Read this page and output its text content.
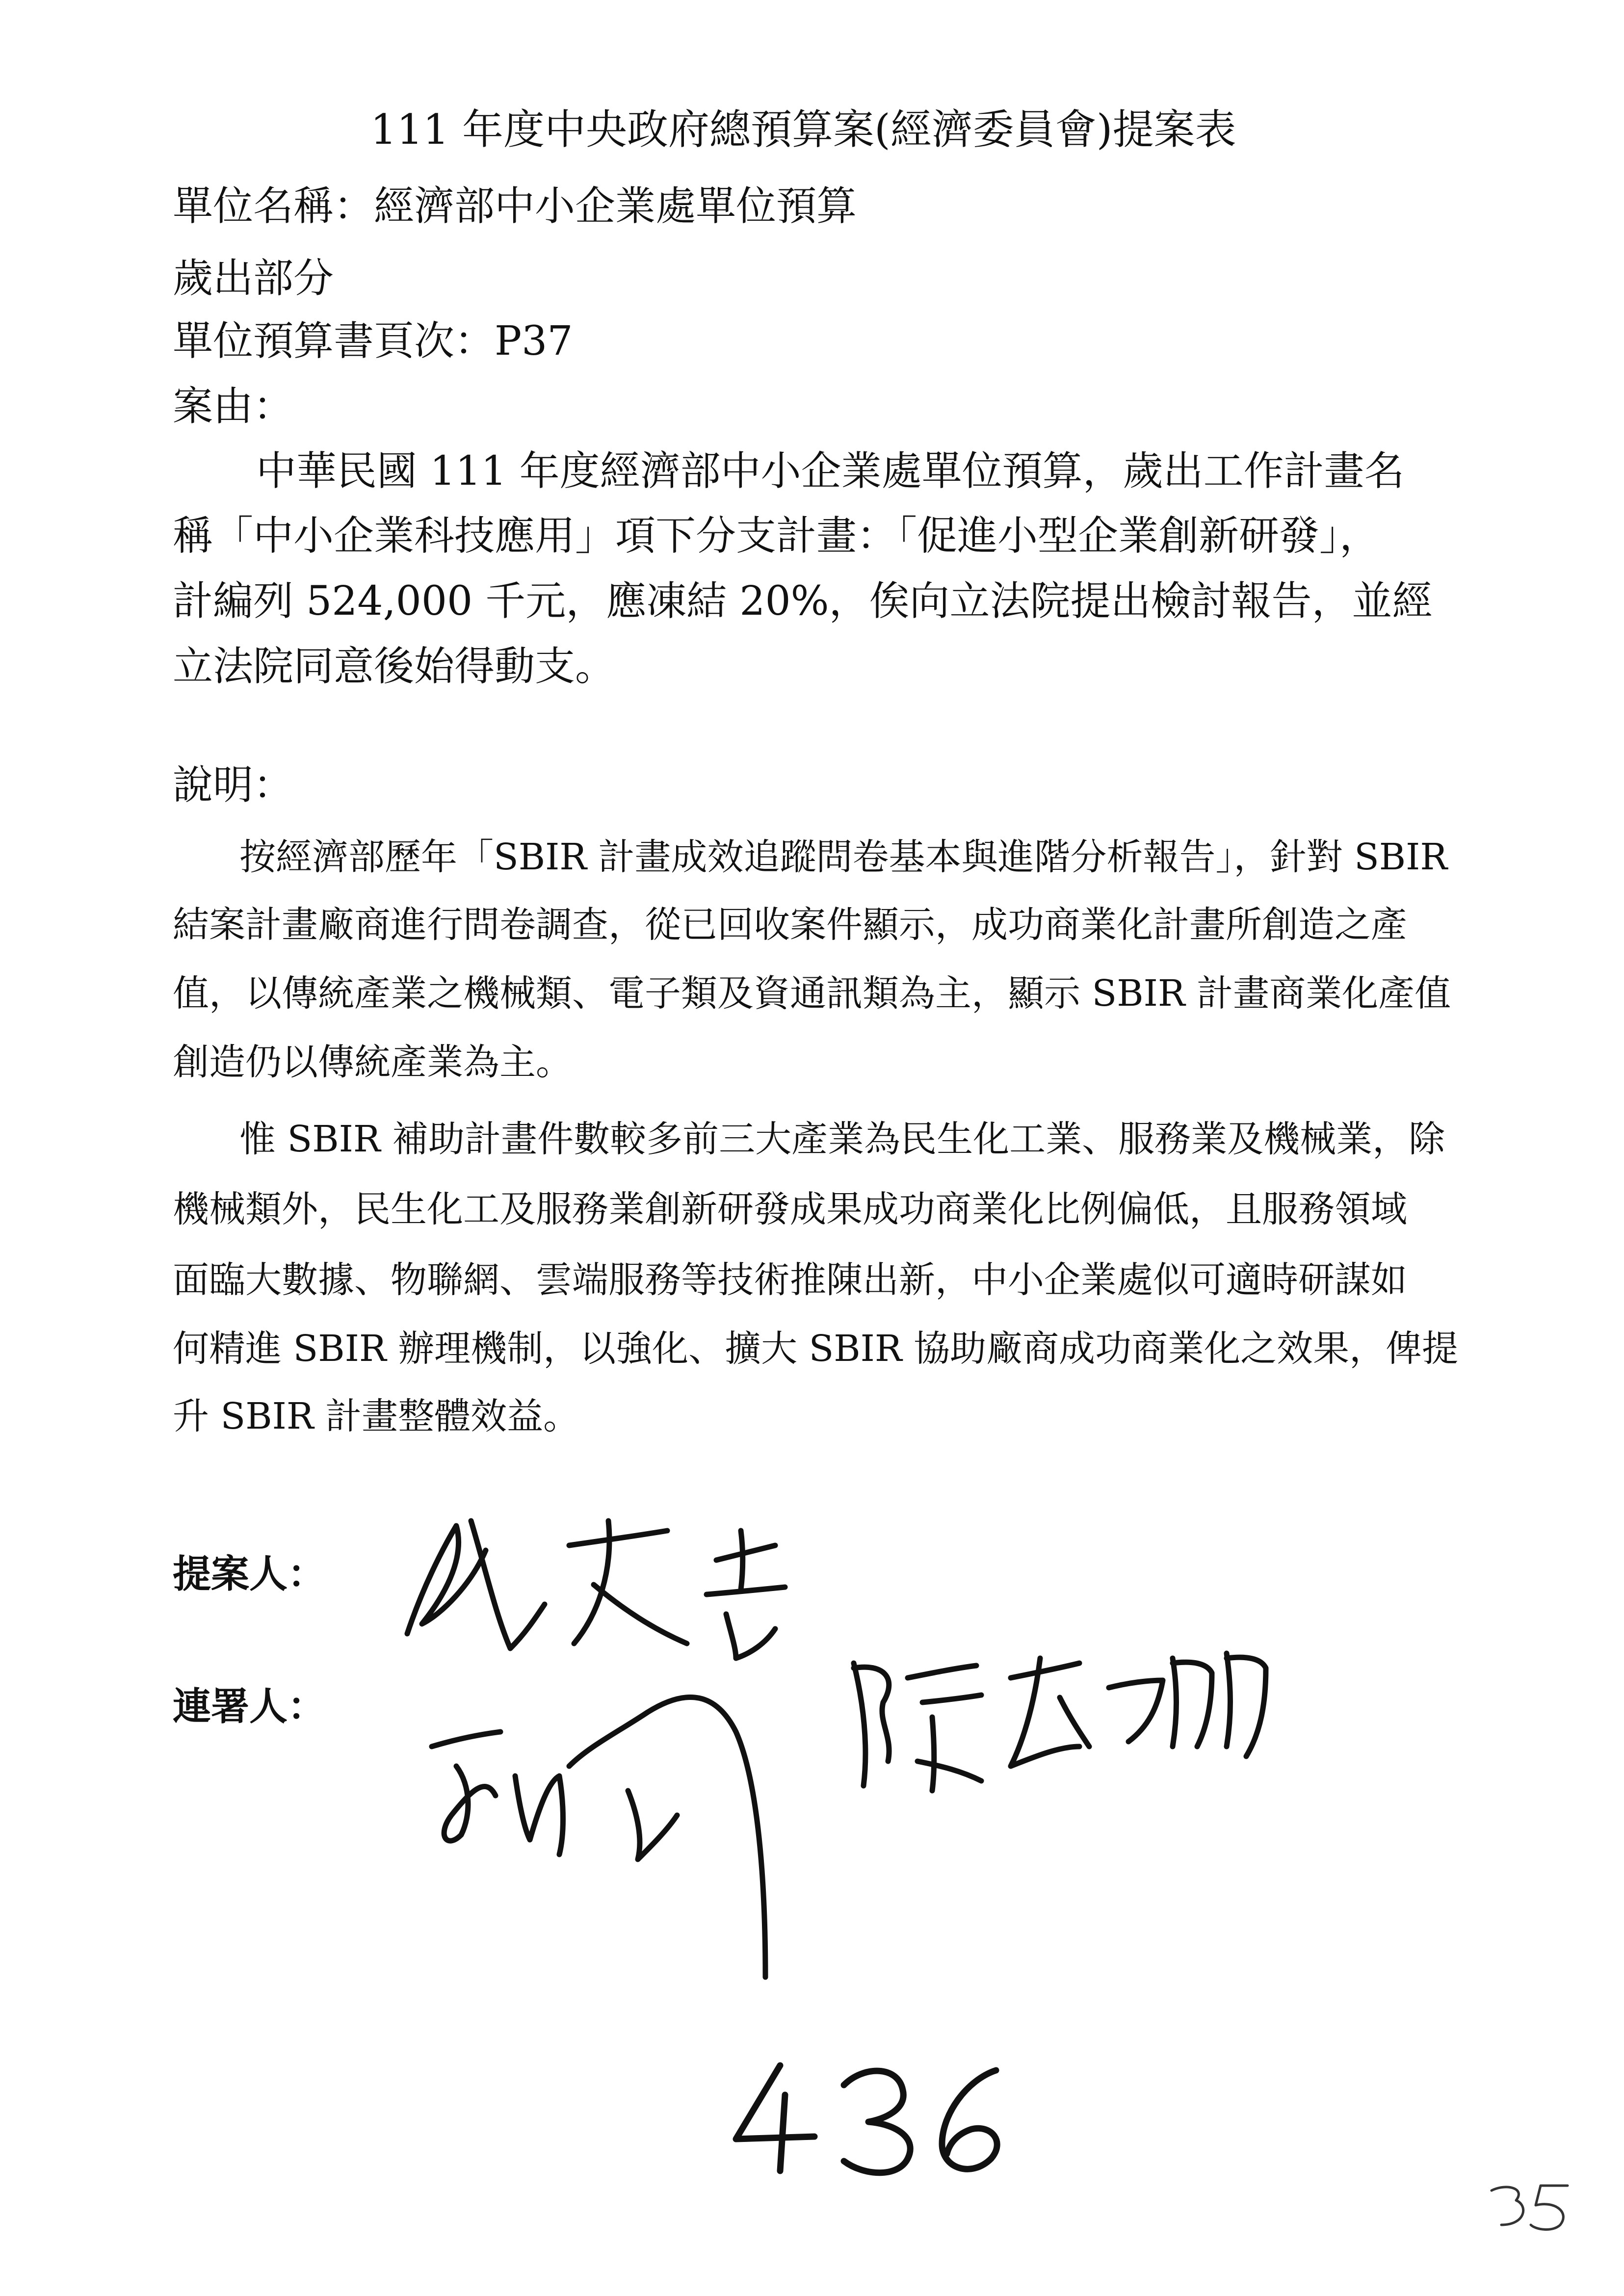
111 年度中央政府總預算案(經濟委員會)提案表
單位名稱：經濟部中小企業處單位預算
歲出部分
單位預算書頁次：P37
案由：
中華民國 111 年度經濟部中小企業處單位預算，歲出工作計畫名
稱「中小企業科技應用」項下分支計畫：「促進小型企業創新研發」，
計編列 524,000 千元，應凍結 20%，俟向立法院提出檢討報告，並經
立法院同意後始得動支。
說明：
按經濟部歷年「SBIR 計畫成效追蹤問卷基本與進階分析報告」，針對 SBIR
結案計畫廠商進行問卷調查，從已回收案件顯示，成功商業化計畫所創造之產
值，以傳統產業之機械類、電子類及資通訊類為主，顯示 SBIR 計畫商業化產值
創造仍以傳統產業為主。
惟 SBIR 補助計畫件數較多前三大產業為民生化工業、服務業及機械業，除
機械類外，民生化工及服務業創新研發成果成功商業化比例偏低，且服務領域
面臨大數據、物聯網、雲端服務等技術推陳出新，中小企業處似可適時研謀如
何精進 SBIR 辦理機制，以強化、擴大 SBIR 協助廠商成功商業化之效果，俾提
升 SBIR 計畫整體效益。
提案人：
連署人：
